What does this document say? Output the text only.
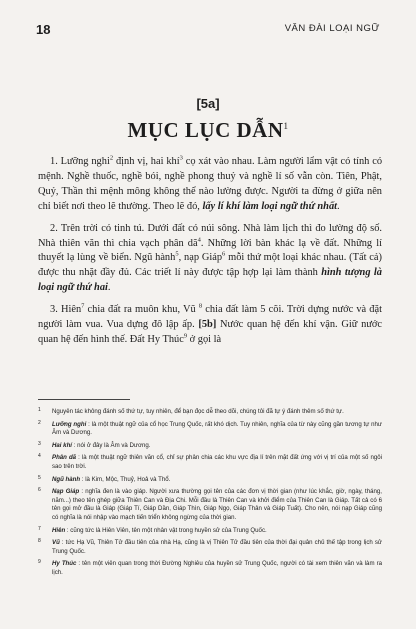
18	VĂN ĐÀI LOẠI NGỮ
[5a]
MỤC LỤC DẪN$^1$

1. Lưỡng nghi$^2$ định vị, hai khí$^3$ cọ xát vào nhau. Làm người lẩm vật có tính có mệnh. Nghề thuốc, nghề bói, nghề phong thuỷ và nghề lí số vẫn còn. Tiên, Phật, Quỷ, Thần thì mệnh mông không thể nào lường được. Người ta đừng ở giữa nên chỉ biết nơi theo lẽ thường. Theo lẽ đó, lấy lí khí làm loại ngữ thứ nhất.

2. Trên trời có tinh tú. Dưới đất có núi sông. Nhà làm lịch thì đo lường độ số. Nhà thiên văn thì chia vạch phân $dã^4$. Những lời bàn khác lạ về đất. Những lí thuyết lạ lùng về biển. Ngũ hành$^5$, nạp Giáp$^6$ mỗi thứ một loại khác nhau. (Tất cả) được thu nhặt đầy đủ. Các triết lí này được tập hợp lại làm thành hình tượng là loại ngữ thứ hai.

3. Hiên$^7$ chia đất ra muôn khu, Vũ $^8$ chia đất làm 5 cõi. Trời dựng nước và đặt người làm vua. Vua dựng đô lập ấp. [5b] Nước quan hệ đến khí vận. Giữ nước quan hệ đến hình thế. Đất Hy Thúc$^9$ ở gọi là

1 Nguyên tác không đánh số thứ tự, tuy nhiên, để bạn đọc dễ theo dõi, chúng tôi đã tự ý đánh thêm số thứ tự.
2 Lưỡng nghi : là một thuật ngữ của cổ học Trung Quốc, rất khó dịch. Tuy nhiên, nghĩa của từ này cũng gần tương tự như Âm và Dương.
3 Hai khí : nói ở đây là Âm và Dương.
4 Phân dã : là một thuật ngữ thiên văn cổ, chỉ sự phân chia các khu vực địa lí trên mặt đất ứng với vị trí của một số ngôi sao trên trời.
5 Ngũ hành : là Kim, Mộc, Thuỷ, Hoả và Thổ.
6 Nạp Giáp : nghĩa đen là vào giáp. Người xưa thường gọi tên của các đơn vị thời gian (như lúc khắc, giờ, ngày, tháng, năm...) theo tên ghép giữa Thiên Can và Địa Chi. Mỗi đầu là Thiên Can và khởi điểm của Thiên Can là Giáp. Tất cả có 6 tên gọi mở đầu là Giáp (Giáp Tí, Giáp Dần, Giáp Thìn, Giáp Ngọ, Giáp Thân và Giáp Tuất). Cho nên, nói nạp Giáp cũng có nghĩa là nói nhập vào mạch tiến triển không ngừng của thời gian.
7 Hiên : cũng tức là Hiên Viên, tên một nhân vật trong huyền sử của Trung Quốc.
8 Vũ : tức Hạ Vũ, Thiên Tử đầu tiên của nhà Hạ, cũng là vị Thiên Tử đầu tiên của thời đại quân chủ thế tập trong lịch sử Trung Quốc.
9 Hy Thúc : tên một viên quan trong thời Đường Nghiêu của huyền sử Trung Quốc, người có tài xem thiên văn và làm ra lịch.
